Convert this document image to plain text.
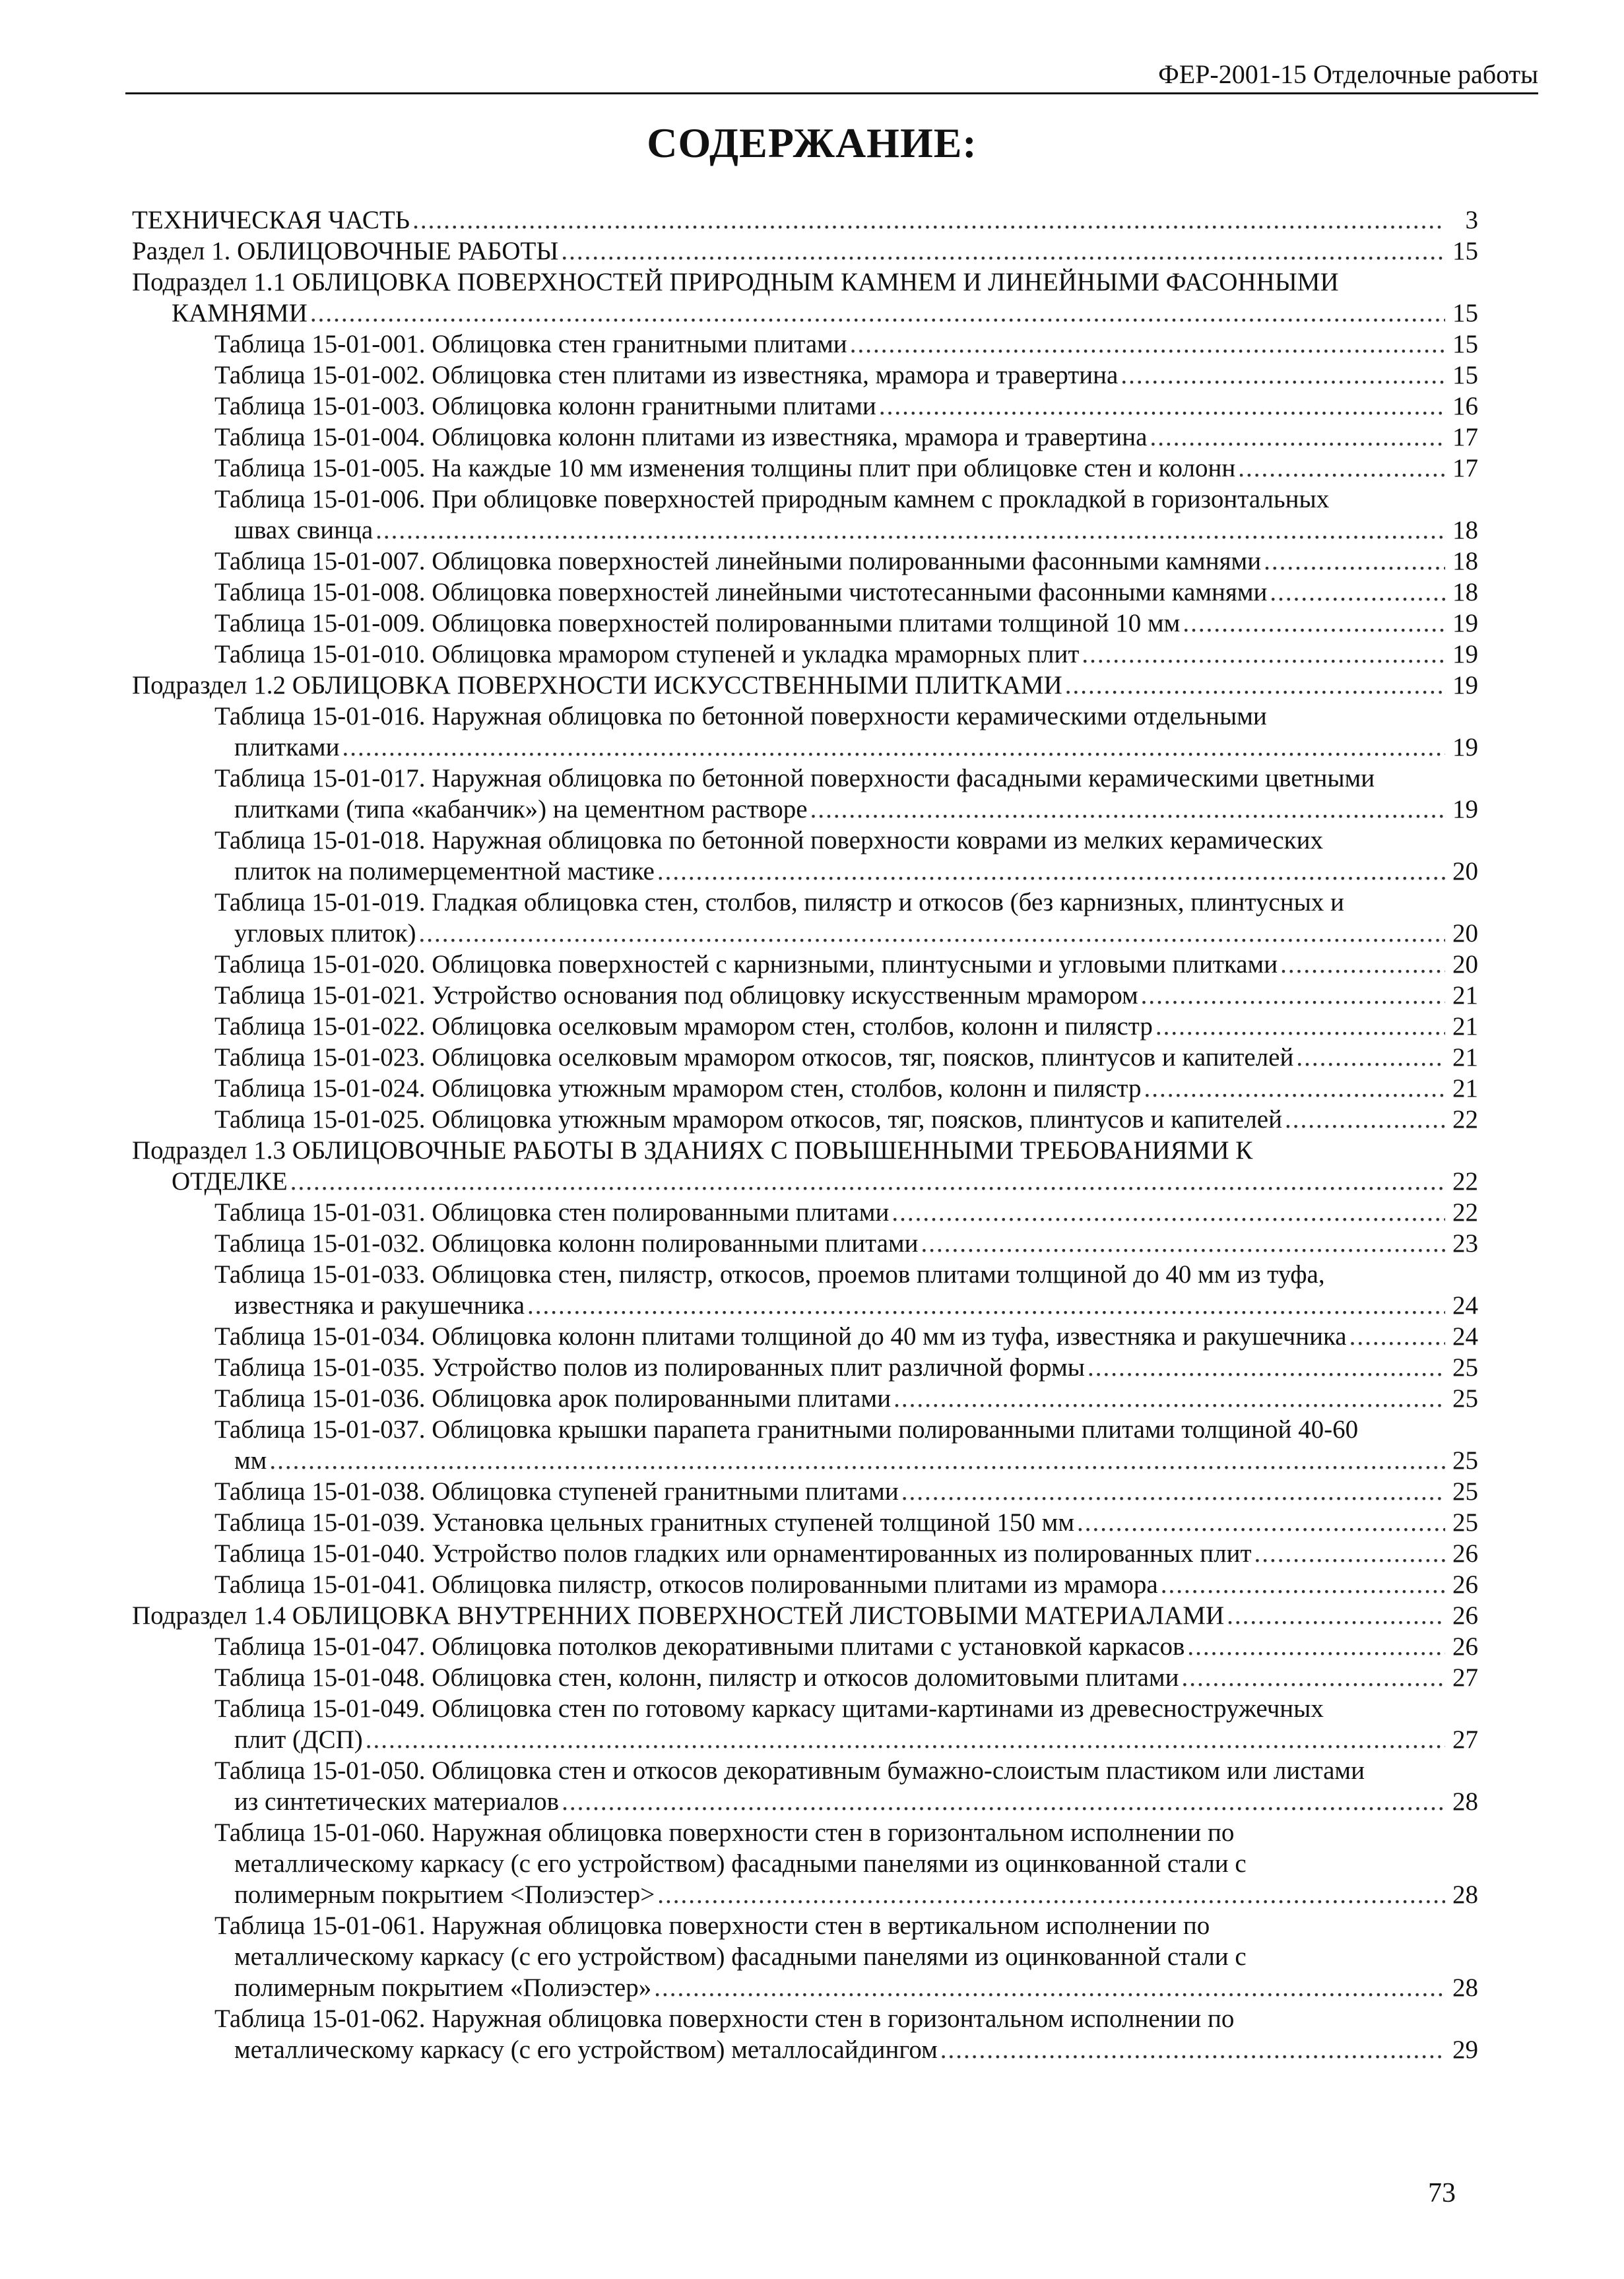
ФЕР-2001-15 Отделочные работы
СОДЕРЖАНИЕ:
ТЕХНИЧЕСКАЯ ЧАСТЬ .....	3
Раздел 1. ОБЛИЦОВОЧНЫЕ РАБОТЫ .....	15
Подраздел 1.1 ОБЛИЦОВКА ПОВЕРХНОСТЕЙ ПРИРОДНЫМ КАМНЕМ И ЛИНЕЙНЫМИ ФАСОННЫМИ
КАМНЯМИ .....	15
Таблица 15-01-001. Облицовка стен гранитными плитами .....	15
Таблица 15-01-002. Облицовка стен плитами из известняка, мрамора и травертина .....	15
Таблица 15-01-003. Облицовка колонн гранитными плитами .....	16
Таблица 15-01-004. Облицовка колонн плитами из известняка, мрамора и травертина .....	17
Таблица 15-01-005. На каждые 10 мм изменения толщины плит при облицовке стен и колонн .....	17
Таблица 15-01-006. При облицовке поверхностей природным камнем с прокладкой в горизонтальных
швах свинца .....	18
Таблица 15-01-007. Облицовка поверхностей линейными полированными фасонными камнями .....	18
Таблица 15-01-008. Облицовка поверхностей линейными чистотесанными фасонными камнями .....	18
Таблица 15-01-009. Облицовка поверхностей полированными плитами толщиной 10 мм .....	19
Таблица 15-01-010. Облицовка мрамором ступеней и укладка мраморных плит .....	19
Подраздел 1.2 ОБЛИЦОВКА ПОВЕРХНОСТИ ИСКУССТВЕННЫМИ ПЛИТКАМИ .....	19
Таблица 15-01-016. Наружная облицовка по бетонной поверхности керамическими отдельными
плитками .....	19
Таблица 15-01-017. Наружная облицовка по бетонной поверхности фасадными керамическими цветными
плитками (типа «кабанчик») на цементном растворе .....	19
Таблица 15-01-018. Наружная облицовка по бетонной поверхности коврами из мелких керамических
плиток на полимерцементной мастике .....	20
Таблица 15-01-019. Гладкая облицовка стен, столбов, пилястр и откосов (без карнизных, плинтусных и
угловых плиток) .....	20
Таблица 15-01-020. Облицовка поверхностей с карнизными, плинтусными и угловыми плитками .....	20
Таблица 15-01-021. Устройство основания под облицовку искусственным мрамором .....	21
Таблица 15-01-022. Облицовка оселковым мрамором стен, столбов, колонн и пилястр .....	21
Таблица 15-01-023. Облицовка оселковым мрамором откосов, тяг, поясков, плинтусов и капителей .....	21
Таблица 15-01-024. Облицовка утюжным мрамором стен, столбов, колонн и пилястр .....	21
Таблица 15-01-025. Облицовка утюжным мрамором откосов, тяг, поясков, плинтусов и капителей .....	22
Подраздел 1.3 ОБЛИЦОВОЧНЫЕ РАБОТЫ В ЗДАНИЯХ С ПОВЫШЕННЫМИ ТРЕБОВАНИЯМИ К
ОТДЕЛКЕ .....	22
Таблица 15-01-031. Облицовка стен полированными плитами .....	22
Таблица 15-01-032. Облицовка колонн полированными плитами .....	23
Таблица 15-01-033. Облицовка стен, пилястр, откосов, проемов плитами толщиной до 40 мм из туфа,
известняка и ракушечника .....	24
Таблица 15-01-034. Облицовка колонн плитами толщиной до 40 мм из туфа, известняка и ракушечника .....	24
Таблица 15-01-035. Устройство полов из полированных плит различной формы .....	25
Таблица 15-01-036. Облицовка арок полированными плитами .....	25
Таблица 15-01-037. Облицовка крышки парапета гранитными полированными плитами толщиной 40-60
мм .....	25
Таблица 15-01-038. Облицовка ступеней гранитными плитами .....	25
Таблица 15-01-039. Установка цельных гранитных ступеней толщиной 150 мм .....	25
Таблица 15-01-040. Устройство полов гладких или орнаментированных из полированных плит .....	26
Таблица 15-01-041. Облицовка пилястр, откосов полированными плитами из мрамора .....	26
Подраздел 1.4 ОБЛИЦОВКА ВНУТРЕННИХ ПОВЕРХНОСТЕЙ ЛИСТОВЫМИ МАТЕРИАЛАМИ .....	26
Таблица 15-01-047. Облицовка потолков декоративными плитами с установкой каркасов .....	26
Таблица 15-01-048. Облицовка стен, колонн, пилястр и откосов доломитовыми плитами .....	27
Таблица 15-01-049. Облицовка стен по готовому каркасу щитами-картинами из древесностружечных
плит (ДСП) .....	27
Таблица 15-01-050. Облицовка стен и откосов декоративным бумажно-слоистым пластиком или листами
из синтетических материалов .....	28
Таблица 15-01-060. Наружная облицовка поверхности стен в горизонтальном исполнении по
металлическому каркасу (с его устройством) фасадными панелями из оцинкованной стали с
полимерным покрытием <Полиэстер> .....	28
Таблица 15-01-061. Наружная облицовка поверхности стен в вертикальном исполнении по
металлическому каркасу (с его устройством) фасадными панелями из оцинкованной стали с
полимерным покрытием «Полиэстер» .....	28
Таблица 15-01-062. Наружная облицовка поверхности стен в горизонтальном исполнении по
металлическому каркасу (с его устройством) металлосайдингом .....	29
73
